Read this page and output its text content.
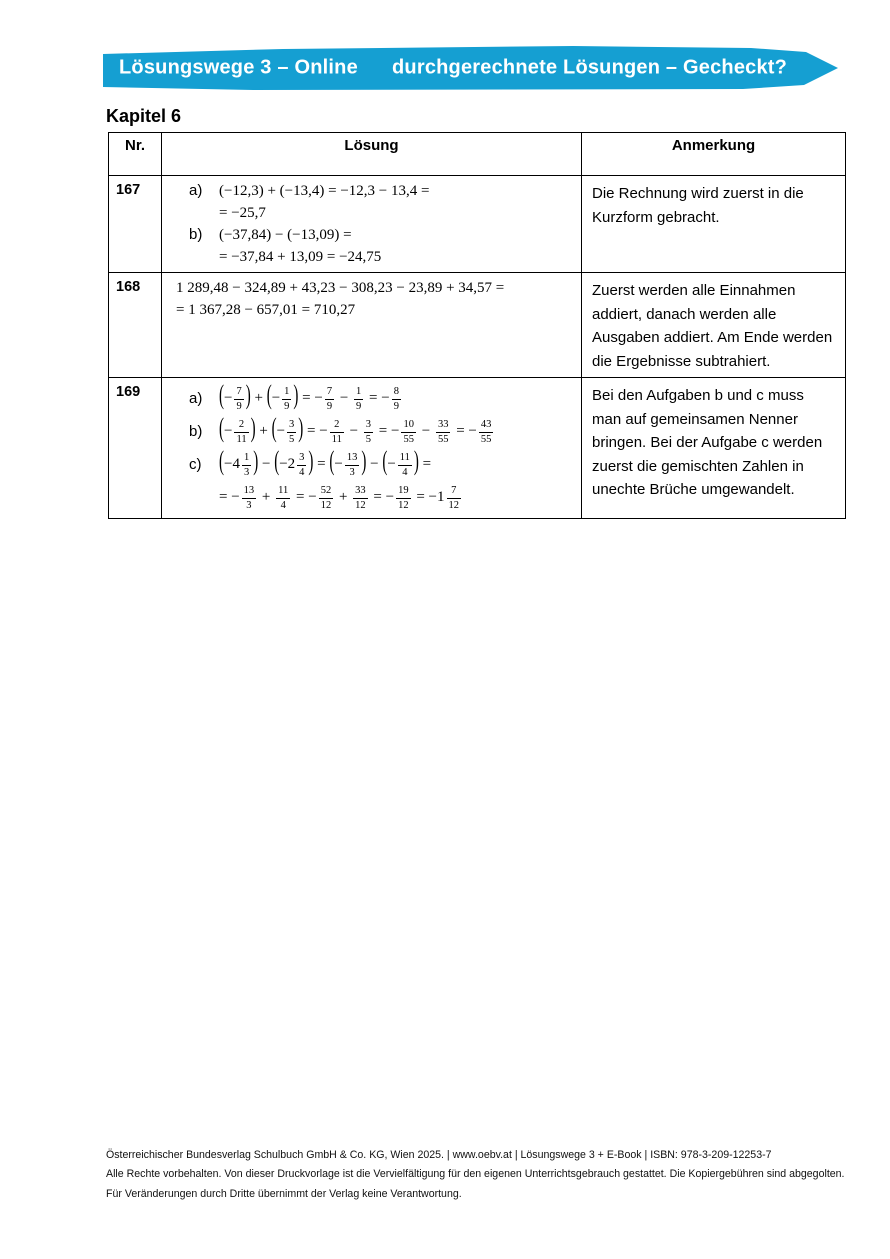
Lösungswege 3 – Online durchgerechnete Lösungen – Gecheckt?
Kapitel 6
Nr.	Lösung	Anmerkung
167	a)	(−12,3) + (−13,4) = −12,3 − 13,4 =
= −25,7
b)	(−37,84) − (−13,09) =
= −37,84 + 13,09 = −24,75
	Die Rechnung wird zuerst in die Kurzform gebracht.
168	1 289,48 − 324,89 + 43,23 − 308,23 − 23,89 + 34,57 =
= 1 367,28 − 657,01 = 710,27	Zuerst werden alle Einnahmen addiert, danach werden alle Ausgaben addiert. Am Ende werden die Ergebnisse subtrahiert.
169	a)	(− $\frac{7}{9}$ ) + (− $\frac{1}{9}$ ) = − $\frac{7}{9} - \frac{1}{9}$ = − $\frac{8}{9}$
b)	(− $\frac{2}{11}$ ) + (− $\frac{3}{5}$ ) = − $\frac{2}{11} - \frac{3}{5}$ = − $\frac{10}{55} - \frac{33}{55}$ = − $\frac{43}{55}$
c)	($-4 \frac{1}{3}$ ) − ($-2 \frac{3}{4}$ ) = (− $\frac{13}{3}$ ) − (− $\frac{11}{4}$ ) =
= − $\frac{13}{3} + \frac{11}{4}$ = − $\frac{52}{12} + \frac{33}{12}$ = − $\frac{19}{12} = -1 \frac{7}{12}$
	Bei den Aufgaben b und c muss man auf gemeinsamen Nenner bringen. Bei der Aufgabe c werden zuerst die gemischten Zahlen in unechte Brüche umgewandelt.
Österreichischer Bundesverlag Schulbuch GmbH & Co. KG, Wien 2025. | www.oebv.at | Lösungswege 3 + E-Book | ISBN: 978-3-209-12253-7
Alle Rechte vorbehalten. Von dieser Druckvorlage ist die Vervielfältigung für den eigenen Unterrichtsgebrauch gestattet. Die Kopiergebühren sind abgegolten.
Für Veränderungen durch Dritte übernimmt der Verlag keine Verantwortung.
